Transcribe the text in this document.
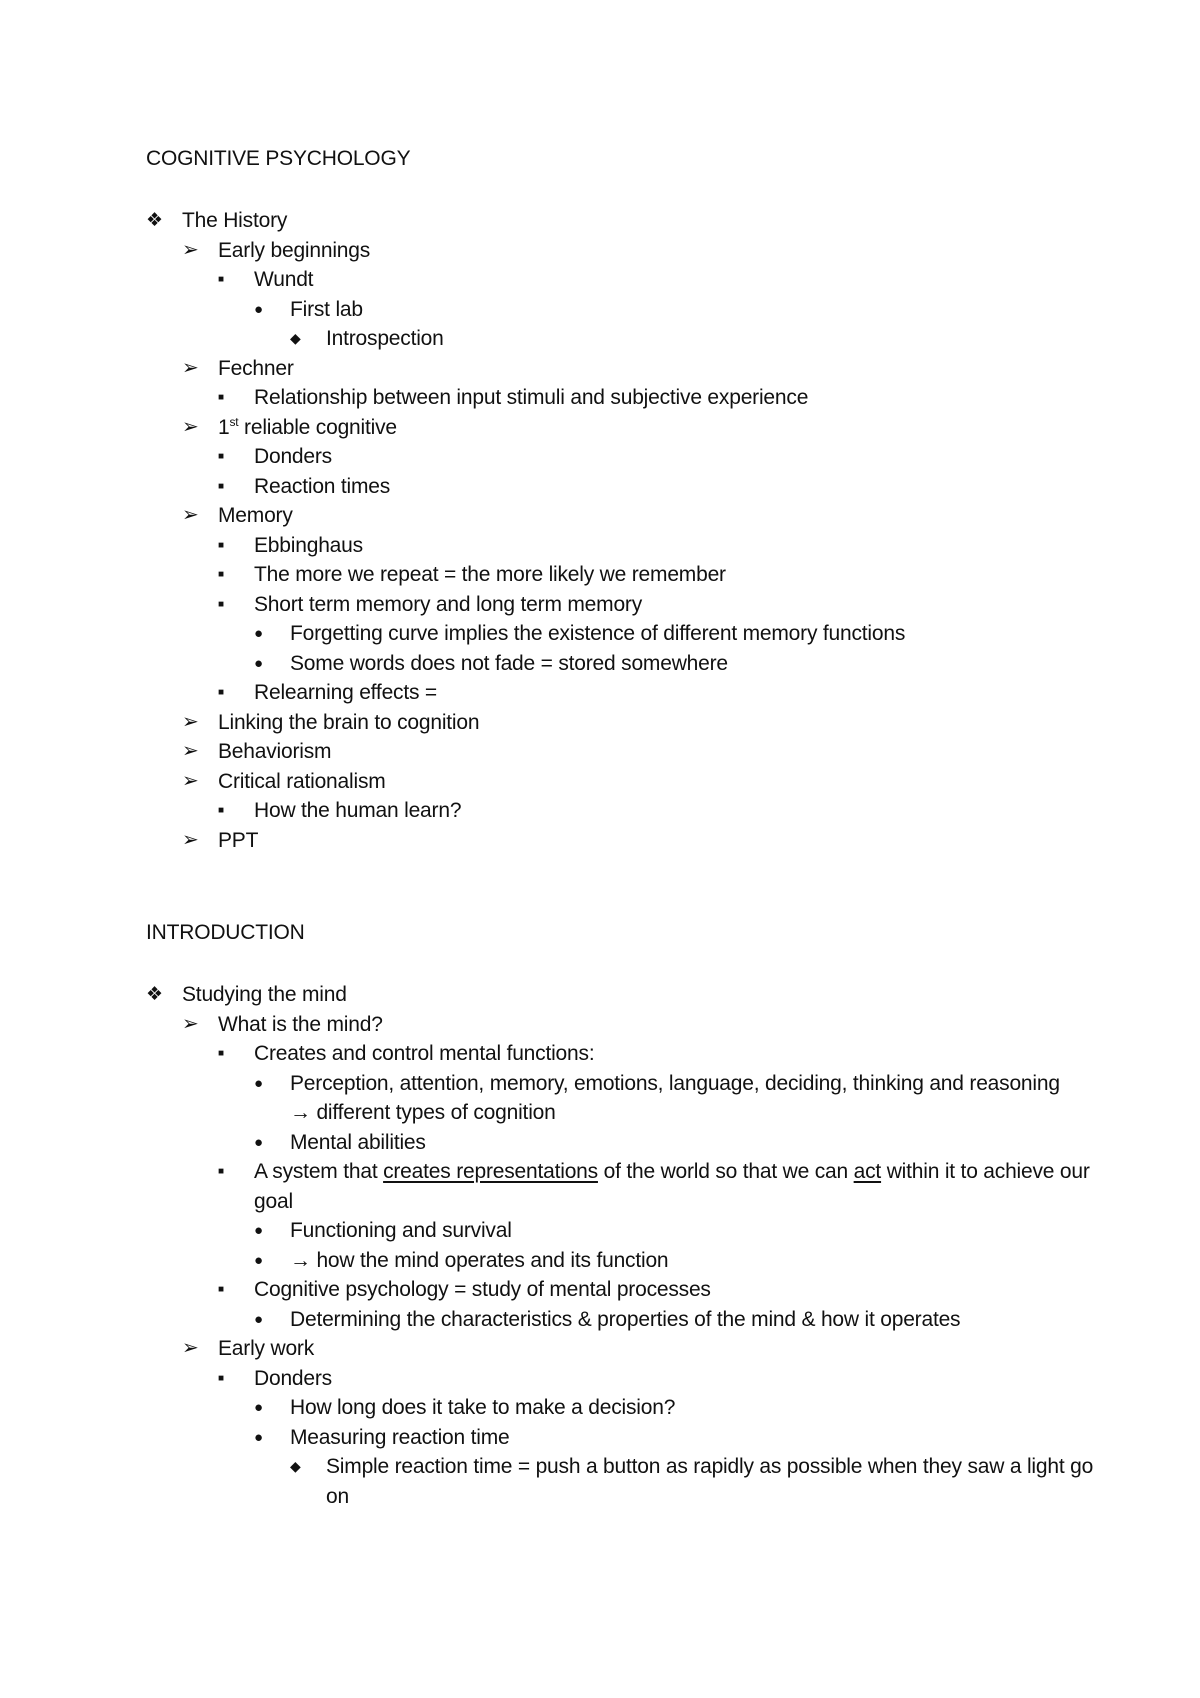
COGNITIVE PSYCHOLOGY
❖ The History
➢ Early beginnings
■	Wundt
●	First lab
◆	Introspection
➢ Fechner
■	Relationship between input stimuli and subjective experience
➢ 1st reliable cognitive
■	Donders
■	Reaction times
➢ Memory
■	Ebbinghaus
■	The more we repeat = the more likely we remember
■	Short term memory and long term memory
●	Forgetting curve implies the existence of different memory functions
●	Some words does not fade = stored somewhere
■	Relearning effects =
➢ Linking the brain to cognition
➢ Behaviorism
➢ Critical rationalism
■	How the human learn?
➢ PPT
INTRODUCTION
❖ Studying the mind
➢ What is the mind?
■	Creates and control mental functions:
●	Perception, attention, memory, emotions, language, deciding, thinking and reasoning → different types of cognition
●	Mental abilities
■	A system that creates representations of the world so that we can act within it to achieve our goal
●	Functioning and survival
●	→ how the mind operates and its function
■	Cognitive psychology = study of mental processes
●	Determining the characteristics & properties of the mind & how it operates
➢ Early work
■	Donders
●	How long does it take to make a decision?
●	Measuring reaction time
◆	Simple reaction time = push a button as rapidly as possible when they saw a light go on
